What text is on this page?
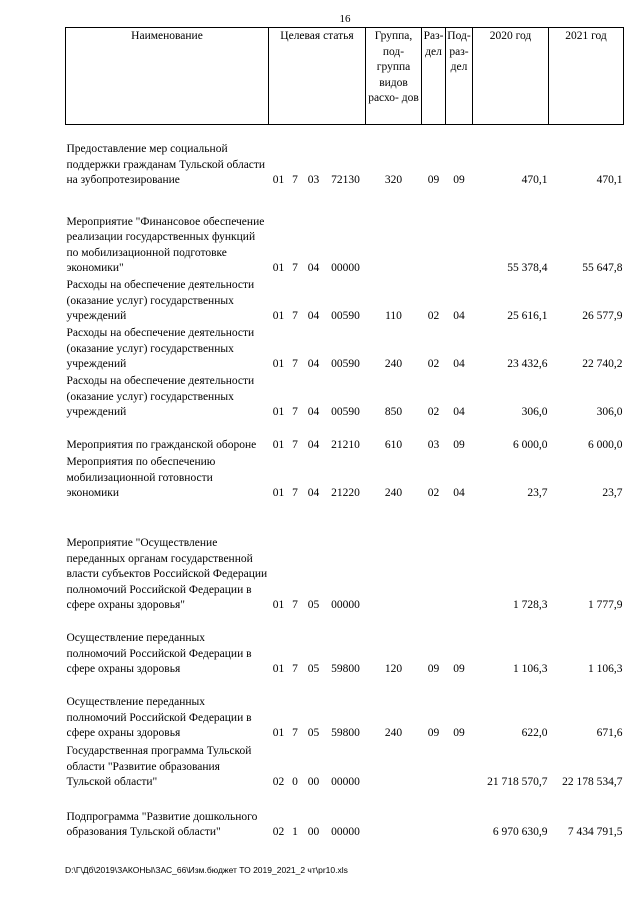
16
Наименование	Целевая статья				Группа, под- группа видов расхо- дов	Раз- дел	Под- раз- дел	2020 год	2021 год
Предоставление мер социальной поддержки гражданам Тульской области на зубопротезирование	01	7	03	72130	320	09	09	470,1	470,1
Мероприятие "Финансовое обеспечение реализации государственных функций по мобилизационной подготовке экономики"	01	7	04	00000				55 378,4	55 647,8
Расходы на обеспечение деятельности (оказание услуг) государственных учреждений	01	7	04	00590	110	02	04	25 616,1	26 577,9
Расходы на обеспечение деятельности (оказание услуг) государственных учреждений	01	7	04	00590	240	02	04	23 432,6	22 740,2
Расходы на обеспечение деятельности (оказание услуг) государственных учреждений	01	7	04	00590	850	02	04	306,0	306,0
Мероприятия по гражданской обороне	01	7	04	21210	610	03	09	6 000,0	6 000,0
Мероприятия по обеспечению мобилизационной готовности экономики	01	7	04	21220	240	02	04	23,7	23,7
Мероприятие "Осуществление переданных органам государственной власти субъектов Российской Федерации полномочий Российской Федерации в сфере охраны здоровья"	01	7	05	00000				1 728,3	1 777,9
Осуществление переданных полномочий Российской Федерации в сфере охраны здоровья	01	7	05	59800	120	09	09	1 106,3	1 106,3
Осуществление переданных полномочий Российской Федерации в сфере охраны здоровья	01	7	05	59800	240	09	09	622,0	671,6
Государственная программа Тульской области "Развитие образования Тульской области"	02	0	00	00000				21 718 570,7	22 178 534,7
Подпрограмма "Развитие дошкольного образования Тульской области"	02	1	00	00000				6 970 630,9	7 434 791,5
D:\Г\Дб\2019\ЗАКОНЫ\ЗАС_66\Изм.бюджет ТО 2019_2021_2 чт\pr10.xls
